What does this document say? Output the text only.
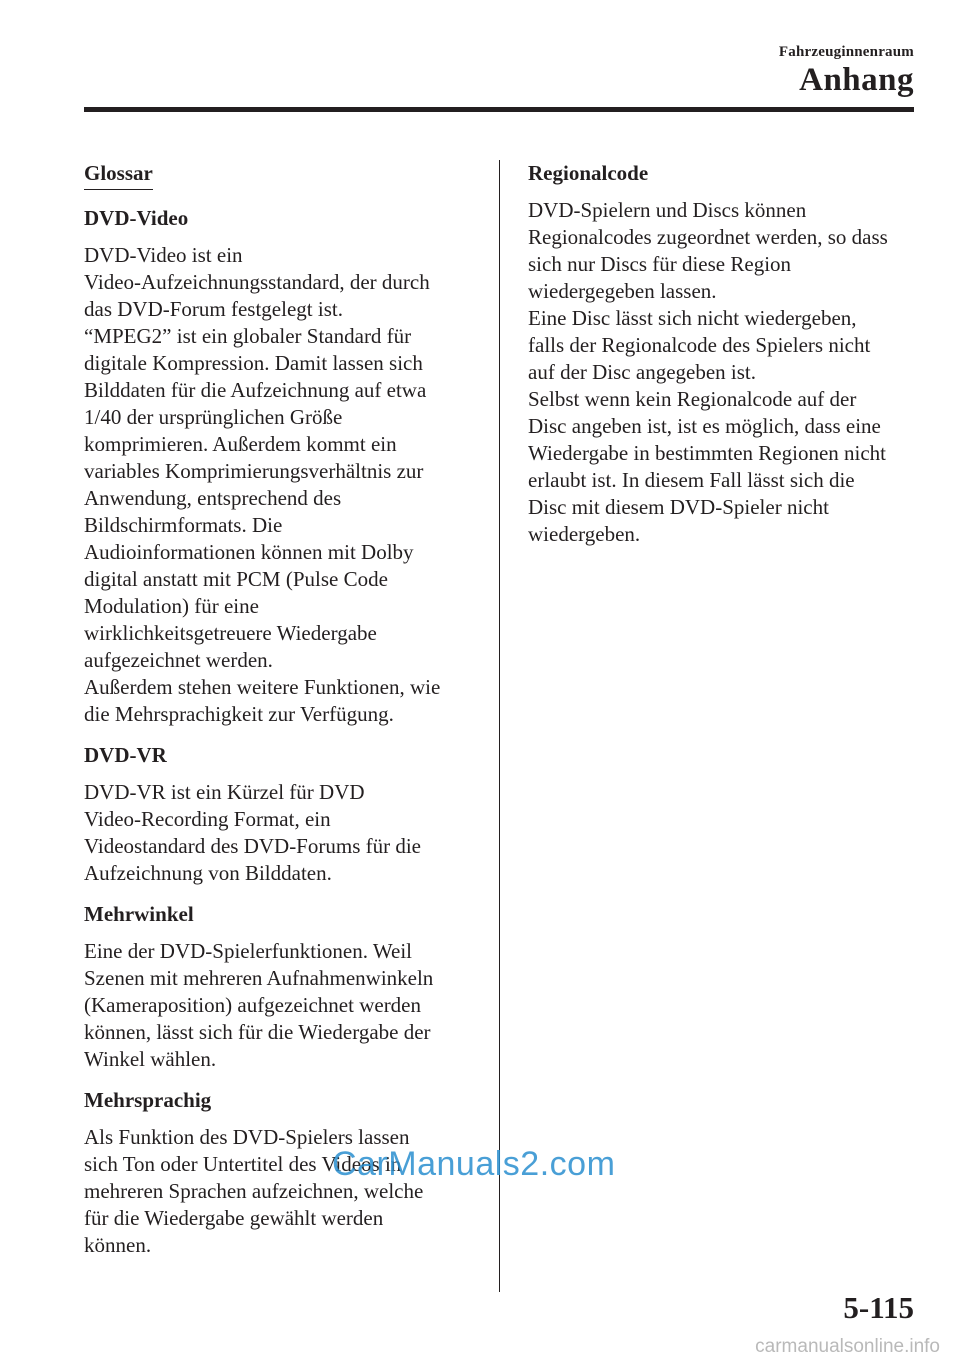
Fahrzeuginnenraum
Anhang
Glossar
DVD-Video
DVD-Video ist ein
Video-Aufzeichnungsstandard, der durch
das DVD-Forum festgelegt ist.
“MPEG2” ist ein globaler Standard für
digitale Kompression. Damit lassen sich
Bilddaten für die Aufzeichnung auf etwa
1/40 der ursprünglichen Größe
komprimieren. Außerdem kommt ein
variables Komprimierungsverhältnis zur
Anwendung, entsprechend des
Bildschirmformats. Die
Audioinformationen können mit Dolby
digital anstatt mit PCM (Pulse Code
Modulation) für eine
wirklichkeitsgetreuere Wiedergabe
aufgezeichnet werden.
Außerdem stehen weitere Funktionen, wie
die Mehrsprachigkeit zur Verfügung.
DVD-VR
DVD-VR ist ein Kürzel für DVD
Video-Recording Format, ein
Videostandard des DVD-Forums für die
Aufzeichnung von Bilddaten.
Mehrwinkel
Eine der DVD-Spielerfunktionen. Weil
Szenen mit mehreren Aufnahmenwinkeln
(Kameraposition) aufgezeichnet werden
können, lässt sich für die Wiedergabe der
Winkel wählen.
Mehrsprachig
Als Funktion des DVD-Spielers lassen
sich Ton oder Untertitel des Videos in
mehreren Sprachen aufzeichnen, welche
für die Wiedergabe gewählt werden
können.
Regionalcode
DVD-Spielern und Discs können
Regionalcodes zugeordnet werden, so dass
sich nur Discs für diese Region
wiedergegeben lassen.
Eine Disc lässt sich nicht wiedergeben,
falls der Regionalcode des Spielers nicht
auf der Disc angegeben ist.
Selbst wenn kein Regionalcode auf der
Disc angeben ist, ist es möglich, dass eine
Wiedergabe in bestimmten Regionen nicht
erlaubt ist. In diesem Fall lässt sich die
Disc mit diesem DVD-Spieler nicht
wiedergeben.
CarManuals2.com
5-115
carmanualsonline.info
